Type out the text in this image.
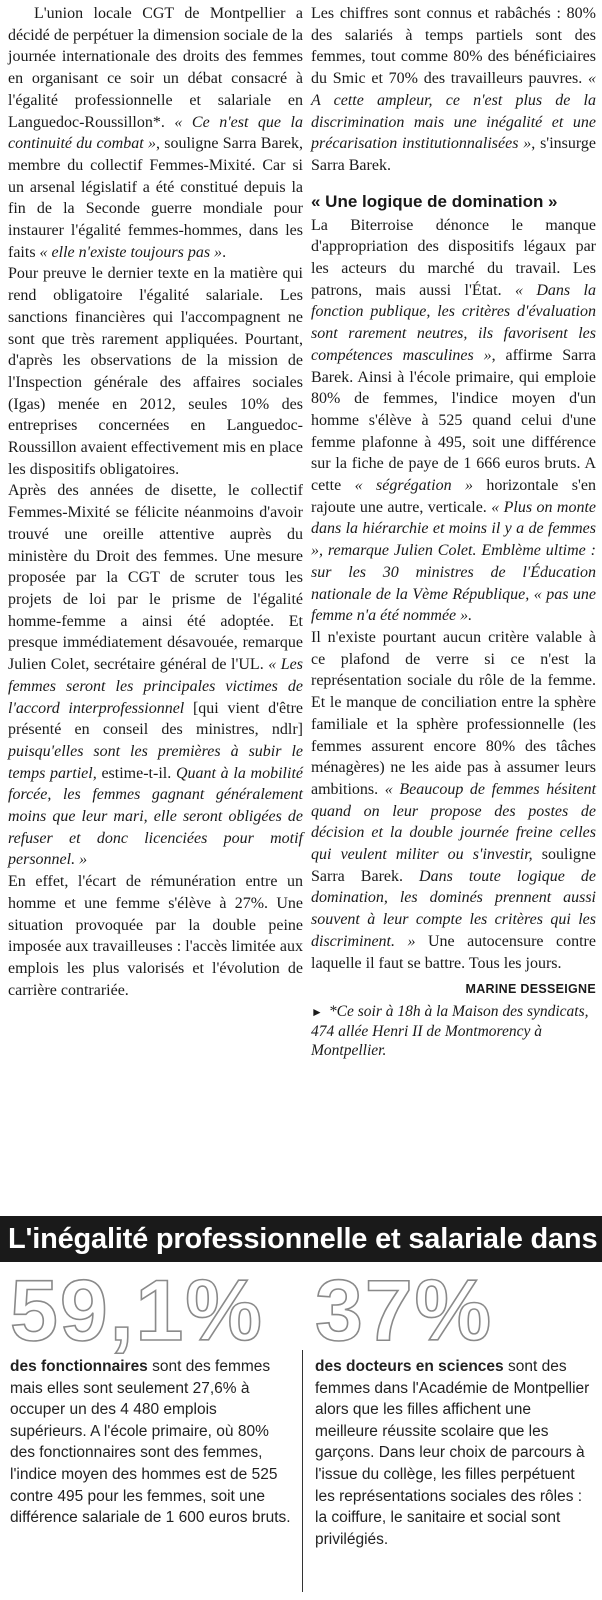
L'union locale CGT de Montpellier a décidé de perpétuer la dimension sociale de la journée internationale des droits des femmes en organisant ce soir un débat consacré à l'égalité professionnelle et salariale en Languedoc-Roussillon*. « Ce n'est que la continuité du combat », souligne Sarra Barek, membre du collectif Femmes-Mixité. Car si un arsenal législatif a été constitué depuis la fin de la Seconde guerre mondiale pour instaurer l'égalité femmes-hommes, dans les faits « elle n'existe toujours pas ».

Pour preuve le dernier texte en la matière qui rend obligatoire l'égalité salariale. Les sanctions financières qui l'accompagnent ne sont que très rarement appliquées. Pourtant, d'après les observations de la mission de l'Inspection générale des affaires sociales (Igas) menée en 2012, seules 10% des entreprises concernées en Languedoc-Roussillon avaient effectivement mis en place les dispositifs obligatoires.

Après des années de disette, le collectif Femmes-Mixité se félicite néanmoins d'avoir trouvé une oreille attentive auprès du ministère du Droit des femmes. Une mesure proposée par la CGT de scruter tous les projets de loi par le prisme de l'égalité homme-femme a ainsi été adoptée. Et presque immédiatement désavouée, remarque Julien Colet, secrétaire général de l'UL. « Les femmes seront les principales victimes de l'accord interprofessionnel [qui vient d'être présenté en conseil des ministres, ndlr] puisqu'elles sont les premières à subir le temps partiel, estime-t-il. Quant à la mobilité forcée, les femmes gagnant généralement moins que leur mari, elle seront obligées de refuser et donc licenciées pour motif personnel. »

En effet, l'écart de rémunération entre un homme et une femme s'élève à 27%. Une situation provoquée par la double peine imposée aux travailleuses : l'accès limitée aux emplois les plus valorisés et l'évolution de carrière contrariée.

Les chiffres sont connus et rabâchés : 80% des salariés à temps partiels sont des femmes, tout comme 80% des bénéficiaires du Smic et 70% des travailleurs pauvres. « A cette ampleur, ce n'est plus de la discrimination mais une inégalité et une précarisation institutionnalisées », s'insurge Sarra Barek.

« Une logique de domination »

La Biterroise dénonce le manque d'appropriation des dispositifs légaux par les acteurs du marché du travail. Les patrons, mais aussi l'État. « Dans la fonction publique, les critères d'évaluation sont rarement neutres, ils favorisent les compétences masculines », affirme Sarra Barek. Ainsi à l'école primaire, qui emploie 80% de femmes, l'indice moyen d'un homme s'élève à 525 quand celui d'une femme plafonne à 495, soit une différence sur la fiche de paye de 1 666 euros bruts. A cette « ségrégation » horizontale s'en rajoute une autre, verticale. « Plus on monte dans la hiérarchie et moins il y a de femmes », remarque Julien Colet. Emblème ultime : sur les 30 ministres de l'Éducation nationale de la Vème République, « pas une femme n'a été nommée ».

Il n'existe pourtant aucun critère valable à ce plafond de verre si ce n'est la représentation sociale du rôle de la femme. Et le manque de conciliation entre la sphère familiale et la sphère professionnelle (les femmes assurent encore 80% des tâches ménagères) ne les aide pas à assumer leurs ambitions. « Beaucoup de femmes hésitent quand on leur propose des postes de décision et la double journée freine celles qui veulent militer ou s'investir, souligne Sarra Barek. Dans toute logique de domination, les dominés prennent aussi souvent à leur compte les critères qui les discriminent. » Une autocensure contre laquelle il faut se battre. Tous les jours.

MARINE DESSEIGNE
► *Ce soir à 18h à la Maison des syndicats, 474 allée Henri II de Montmorency à Montpellier.
L'inégalité professionnelle et salariale dans
59,1%
des fonctionnaires sont des femmes mais elles sont seulement 27,6% à occuper un des 4 480 emplois supérieurs. A l'école primaire, où 80% des fonctionnaires sont des femmes, l'indice moyen des hommes est de 525 contre 495 pour les femmes, soit une différence salariale de 1 600 euros bruts.
37%
des docteurs en sciences sont des femmes dans l'Académie de Montpellier alors que les filles affichent une meilleure réussite scolaire que les garçons. Dans leur choix de parcours à l'issue du collège, les filles perpétuent les représentations sociales des rôles : la coiffure, le sanitaire et social sont privilégiés.
